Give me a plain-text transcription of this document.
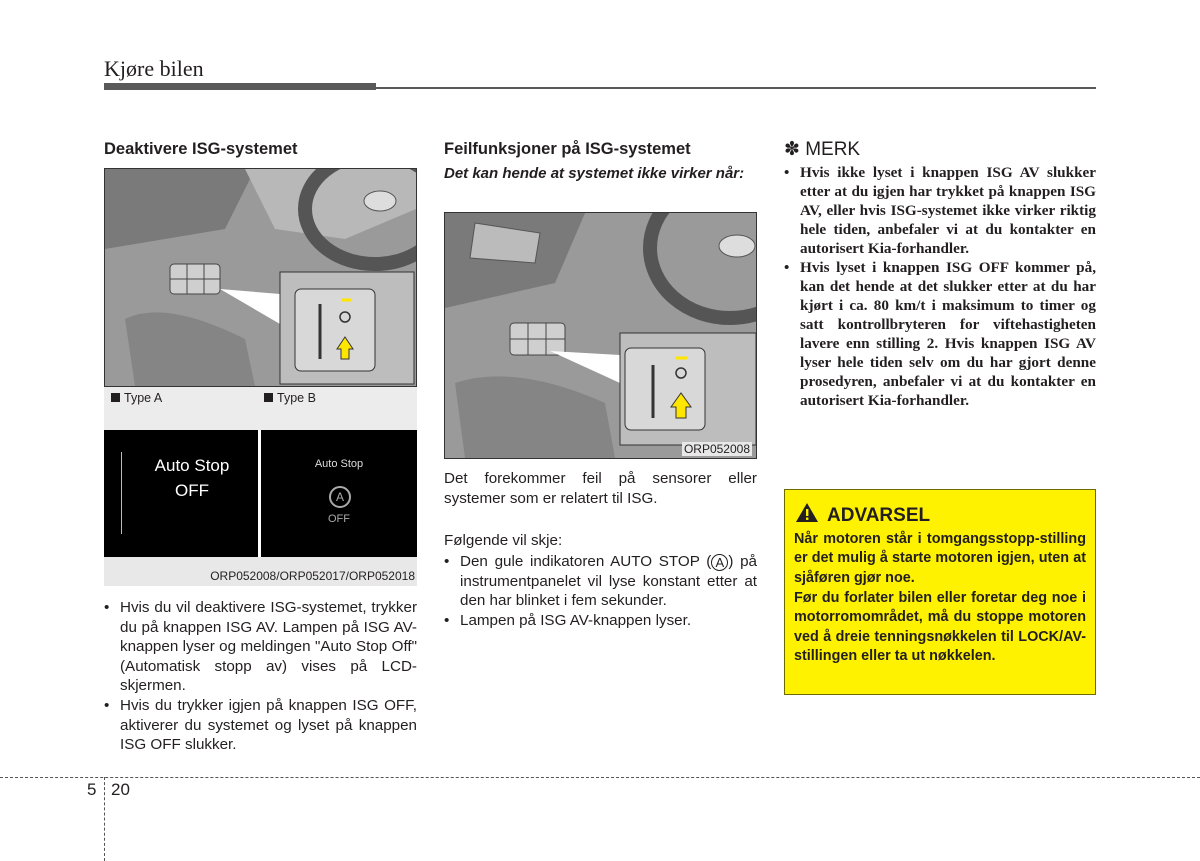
Kjøre bilen
Deaktivere ISG-systemet
Type A	Type B
Auto Stop
OFF
Auto Stop
A
OFF
ORP052008/ORP052017/ORP052018
• Hvis du vil deaktivere ISG-systemet, trykker du på knappen ISG AV. Lampen på ISG AV-knappen lyser og meldingen "Auto Stop Off" (Automatisk stopp av) vises på LCD-skjermen.
• Hvis du trykker igjen på knappen ISG OFF, aktiverer du systemet og lyset på knappen ISG OFF slukker.
Feilfunksjoner på ISG-systemet
Det kan hende at systemet ikke virker når:
ORP052008
Det forekommer feil på sensorer eller systemer som er relatert til ISG.
Følgende vil skje:
• Den gule indikatoren AUTO STOP ( A ) på instrumentpanelet vil lyse konstant etter at den har blinket i fem sekunder.
• Lampen på ISG AV-knappen lyser.
✽ MERK
• Hvis ikke lyset i knappen ISG AV slukker etter at du igjen har trykket på knappen ISG AV, eller hvis ISG-systemet ikke virker riktig hele tiden, anbefaler vi at du kontakter en autorisert Kia-forhandler.
• Hvis lyset i knappen ISG OFF kommer på, kan det hende at det slukker etter at du har kjørt i ca. 80 km/t i maksimum to timer og satt kontrollbryteren for viftehastigheten lavere enn stilling 2. Hvis knappen ISG AV lyser hele tiden selv om du har gjort denne prosedyren, anbefaler vi at du kontakter en autorisert Kia-forhandler.
ADVARSEL
Når motoren står i tomgangsstopp-stilling er det mulig å starte motoren igjen, uten at sjåføren gjør noe.
Før du forlater bilen eller foretar deg noe i motorromområdet, må du stoppe motoren ved å dreie tenningsnøkkelen til LOCK/AV-stillingen eller ta ut nøkkelen.
5 20
